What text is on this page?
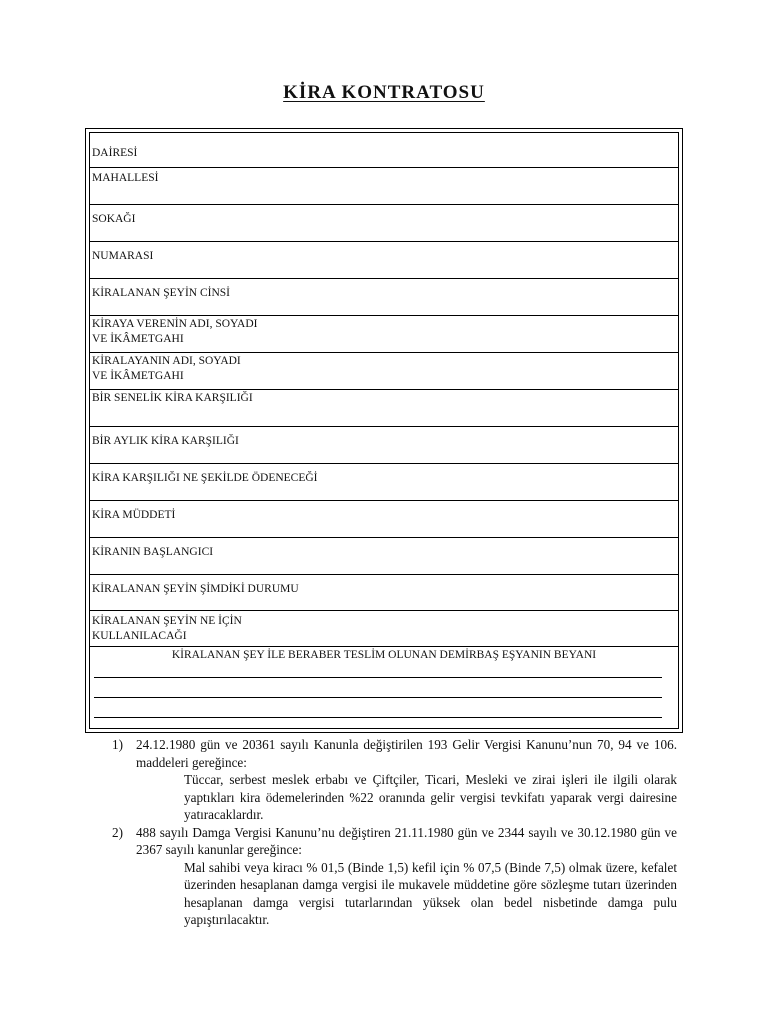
KİRA KONTRATOSU
DAİRESİ
MAHALLESİ
SOKAĞI
NUMARASI
KİRALANAN ŞEYİN CİNSİ
KİRAYA VERENİN ADI, SOYADI
VE İKÂMETGAHI
KİRALAYANIN ADI, SOYADI
VE İKÂMETGAHI
BİR SENELİK KİRA KARŞILIĞI
BİR AYLIK KİRA KARŞILIĞI
KİRA KARŞILIĞI NE ŞEKİLDE ÖDENECEĞİ
KİRA MÜDDETİ
KİRANIN BAŞLANGICI
KİRALANAN ŞEYİN ŞİMDİKİ DURUMU
KİRALANAN ŞEYİN NE İÇİN
KULLANILACAĞI
KİRALANAN ŞEY İLE BERABER TESLİM OLUNAN DEMİRBAŞ EŞYANIN BEYANI
1) 24.12.1980 gün ve 20361 sayılı Kanunla değiştirilen 193 Gelir Vergisi Kanunu’nun 70, 94 ve 106. maddeleri gereğince:
Tüccar, serbest meslek erbabı ve Çiftçiler, Ticari, Mesleki ve zirai işleri ile ilgili olarak yaptıkları kira ödemelerinden %22 oranında gelir vergisi tevkifatı yaparak vergi dairesine yatıracaklardır.
2) 488 sayılı Damga Vergisi Kanunu’nu değiştiren 21.11.1980 gün ve 2344 sayılı ve 30.12.1980 gün ve 2367 sayılı kanunlar gereğince:
Mal sahibi veya kiracı % 01,5 (Binde 1,5) kefil için % 07,5 (Binde 7,5) olmak üzere, kefalet üzerinden hesaplanan damga vergisi ile mukavele müddetine göre sözleşme tutarı üzerinden hesaplanan damga vergisi tutarlarından yüksek olan bedel nisbetinde damga pulu yapıştırılacaktır.
